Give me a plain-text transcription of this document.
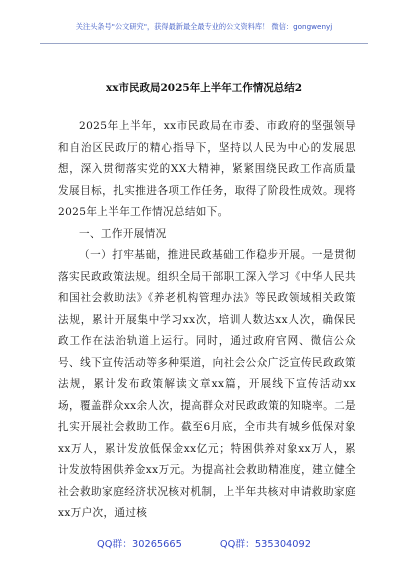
关注头条号"公文研究"，获得最新最全最专业的公文资料库！ 微信：gongwenyj
xx市民政局2025年上半年工作情况总结2

2025年上半年，xx市民政局在市委、市政府的坚强领导和自治区民政厅的精心指导下，坚持以人民为中心的发展思想，深入贯彻落实党的XX大精神，紧紧围绕民政工作高质量发展目标，扎实推进各项工作任务，取得了阶段性成效。现将2025年上半年工作情况总结如下。

一、工作开展情况

（一）打牢基础，推进民政基础工作稳步开展。一是贯彻落实民政政策法规。组织全局干部职工深入学习《中华人民共和国社会救助法》《养老机构管理办法》等民政领域相关政策法规，累计开展集中学习xx次，培训人数达xx人次，确保民政工作在法治轨道上运行。同时，通过政府官网、微信公众号、线下宣传活动等多种渠道，向社会公众广泛宣传民政政策法规，累计发布政策解读文章xx篇，开展线下宣传活动xx场，覆盖群众xx余人次，提高群众对民政政策的知晓率。二是扎实开展社会救助工作。截至6月底，全市共有城乡低保对象xx万人，累计发放低保金xx亿元；特困供养对象xx万人，累计发放特困供养金xx万元。为提高社会救助精准度，建立健全社会救助家庭经济状况核对机制，上半年共核对申请救助家庭xx万户次，通过核

QQ群：30265665	QQ群：535304092
